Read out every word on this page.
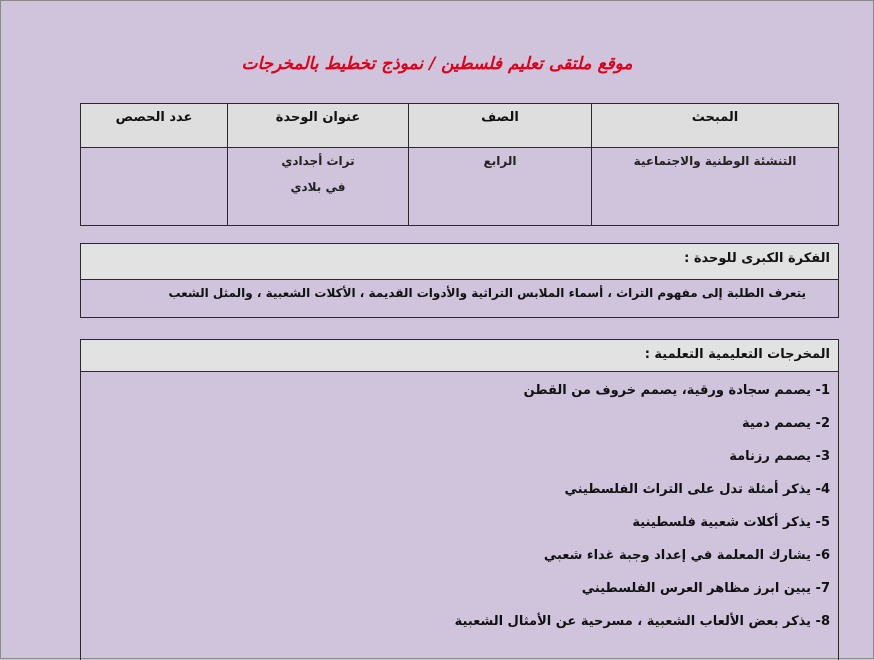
موقع ملتقى تعليم فلسطين / نموذج تخطيط بالمخرجات
المبحث	الصف	عنوان الوحدة	عدد الحصص
التنشئة الوطنية والاجتماعية	الرابع	تراث أجدادي
في بلادي	

الفكرة الكبرى للوحدة :
يتعرف الطلبة إلى مفهوم التراث ، أسماء الملابس التراثية والأدوات القديمة ، الأكلات الشعبية ، والمثل الشعب
المخرجات التعليمية التعلمية :
1- يصمم سجادة ورقية، يصمم خروف من القطن
2- يصمم دمية
3- يصمم رزنامة
4- يذكر أمثلة تدل على التراث الفلسطيني
5- يذكر أكلات شعبية فلسطينية
6- يشارك المعلمة في إعداد وجبة غداء شعبي
7- يبين ابرز مظاهر العرس الفلسطيني
8- يذكر بعض الألعاب الشعبية ، مسرحية عن الأمثال الشعبية
